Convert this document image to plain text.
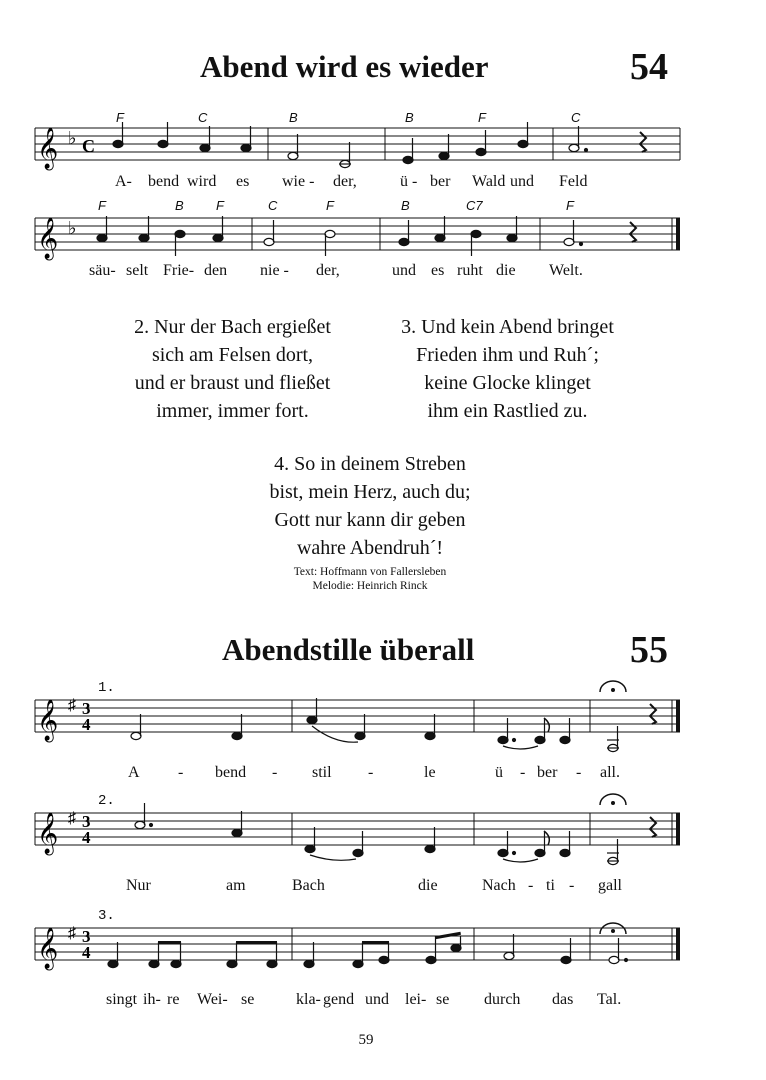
Abend wird es wieder	54
F	C	B	B	F	C
𝄞 ♭ C
A- bend wird es wie - der,	ü - ber Wald und Feld
F	B F	C	F	B	C7	F
𝄞 ♭
säu- selt Frie- den nie - der,	und es ruht die Welt.
2. Nur der Bach ergießet
sich am Felsen dort,
und er braust und fließet
immer, immer fort.
3. Und kein Abend bringet
Frieden ihm und Ruh´;
keine Glocke klinget
ihm ein Rastlied zu.
4. So in deinem Streben
bist, mein Herz, auch du;
Gott nur kann dir geben
wahre Abendruh´!
Text: Hoffmann von Fallersleben
Melodie: Heinrich Rinck
Abendstille überall	55
1.
𝄞 ♯ 3
4
A - bend - stil -	le	ü - ber - all.
2.
𝄞 ♯ 3
4
Nur	am	Bach	die	Nach - ti - gall
3.
𝄞 ♯ 3
4
singt ih- re Wei- se	kla- gend und lei- se durch das Tal.
59
